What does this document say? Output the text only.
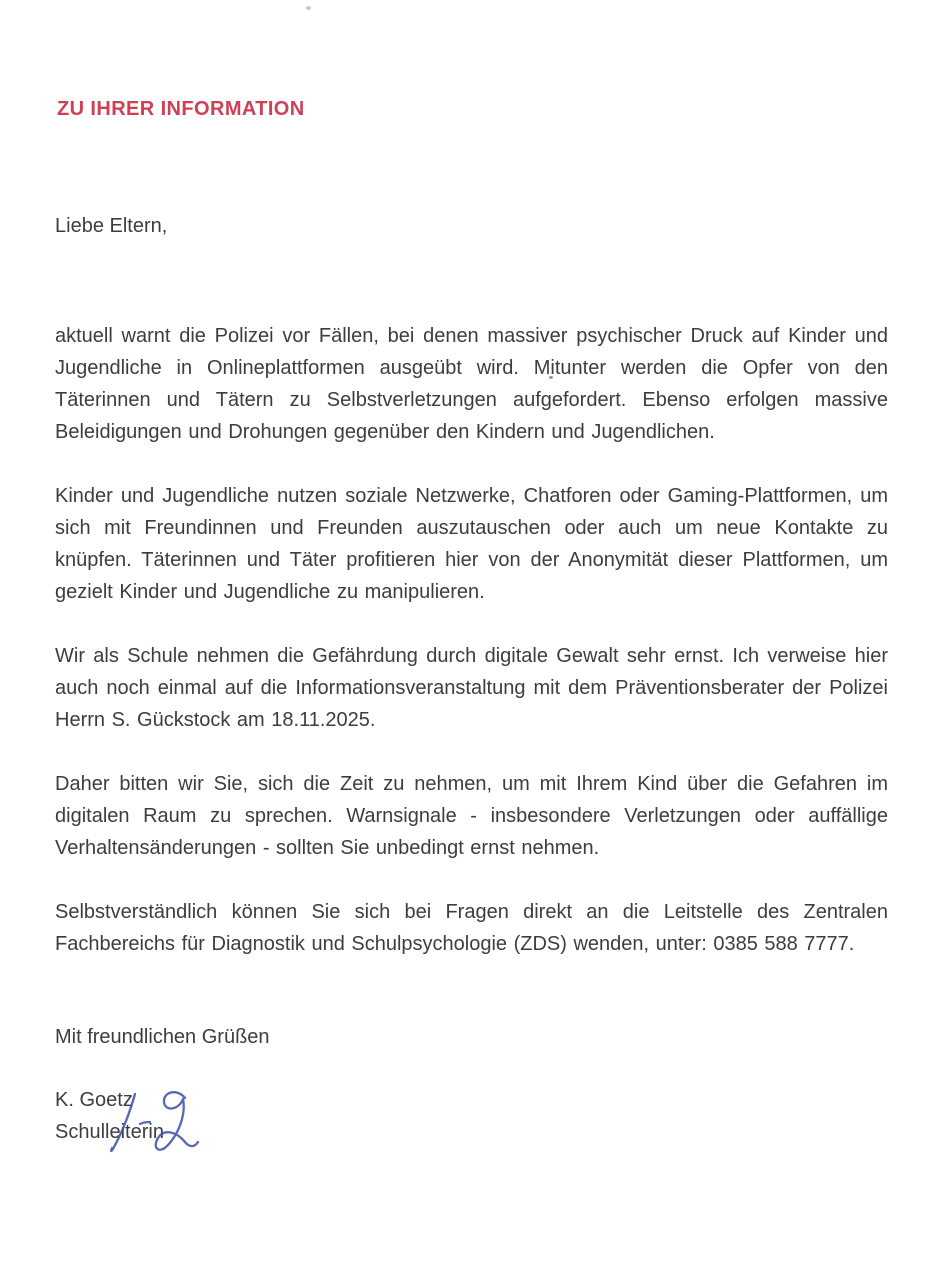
ZU IHRER INFORMATION
Liebe Eltern,

aktuell warnt die Polizei vor Fällen, bei denen massiver psychischer Druck auf Kinder und Jugendliche in Onlineplattformen ausgeübt wird. Mitunter werden die Opfer von den Täterinnen und Tätern zu Selbstverletzungen aufgefordert. Ebenso erfolgen massive Beleidigungen und Drohungen gegenüber den Kindern und Jugendlichen.

Kinder und Jugendliche nutzen soziale Netzwerke, Chatforen oder Gaming-Plattformen, um sich mit Freundinnen und Freunden auszutauschen oder auch um neue Kontakte zu knüpfen. Täterinnen und Täter profitieren hier von der Anonymität dieser Plattformen, um gezielt Kinder und Jugendliche zu manipulieren.

Wir als Schule nehmen die Gefährdung durch digitale Gewalt sehr ernst. Ich verweise hier auch noch einmal auf die Informationsveranstaltung mit dem Präventionsberater der Polizei Herrn S. Gückstock am 18.11.2025.

Daher bitten wir Sie, sich die Zeit zu nehmen, um mit Ihrem Kind über die Gefahren im digitalen Raum zu sprechen. Warnsignale - insbesondere Verletzungen oder auffällige Verhaltensänderungen - sollten Sie unbedingt ernst nehmen.

Selbstverständlich können Sie sich bei Fragen direkt an die Leitstelle des Zentralen Fachbereichs für Diagnostik und Schulpsychologie (ZDS) wenden, unter: 0385 588 7777.

Mit freundlichen Grüßen
K. Goetz
Schulleiterin
